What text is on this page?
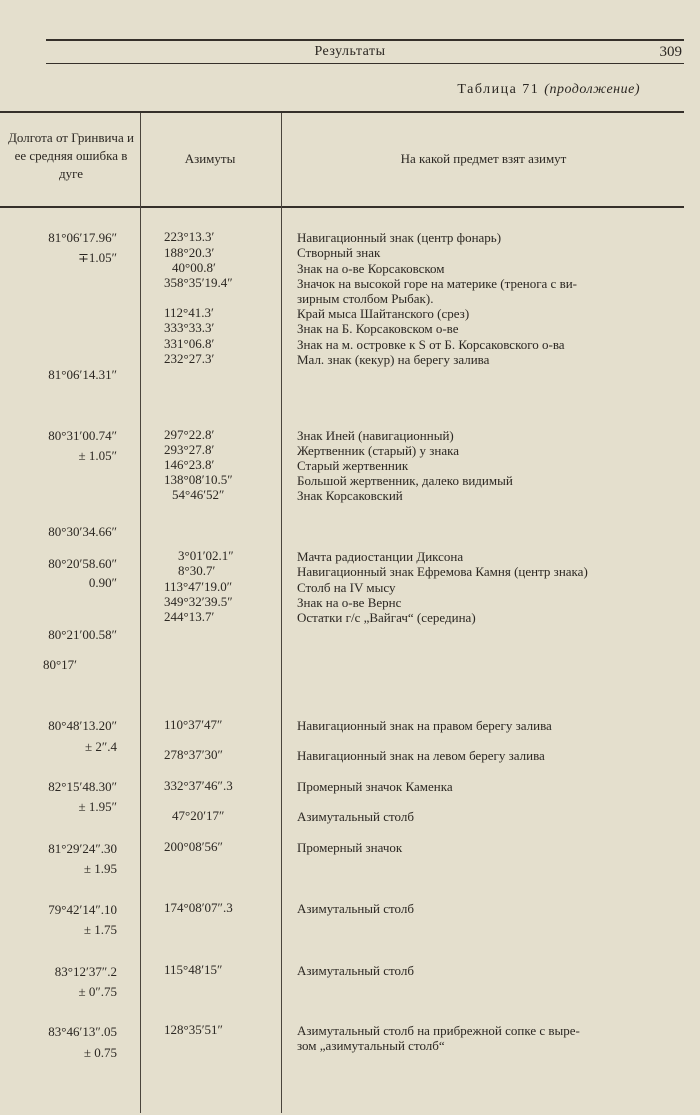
Результаты	309
Таблица 71 (продолжение)
Долгота от Гринвича и ее средняя ошибка в дуге
Азимуты	На какой предмет взят азимут
81°06′17.96″
∓1.05″
81°06′14.31″
80°31′00.74″
± 1.05″
80°30′34.66″
80°20′58.60″
0.90″
80°21′00.58″
80°17′
80°48′13.20″
± 2″.4
82°15′48.30″
± 1.95″
81°29′24″.30
± 1.95
79°42′14″.10
± 1.75
83°12′37″.2
± 0″.75
83°46′13″.05
± 0.75
223°13.3′
188°20.3′
40°00.8′
358°35′19.4″
112°41.3′
333°33.3′
331°06.8′
232°27.3′
297°22.8′
293°27.8′
146°23.8′
138°08′10.5″
54°46′52″
3°01′02.1″
8°30.7′
113°47′19.0″
349°32′39.5″
244°13.7′
110°37′47″
278°37′30″
332°37′46″.3
47°20′17″
200°08′56″
174°08′07″.3
115°48′15″
128°35′51″
Навигационный знак (центр фонарь)
Створный знак
Знак на о-ве Корсаковском
Значок на высокой горе на материке (тренога с ви-
зирным столбом Рыбак).
Край мыса Шайтанского (срез)
Знак на Б. Корсаковском о-ве
Знак на м. островке к S от Б. Корсаковского о-ва
Мал. знак (кекур) на берегу залива
Знак Иней (навигационный)
Жертвенник (старый) у знака
Старый жертвенник
Большой жертвенник, далеко видимый
Знак Корсаковский
Мачта радиостанции Диксона
Навигационный знак Ефремова Камня (центр знака)
Столб на IV мысу
Знак на о-ве Вернс
Остатки г/с „Вайгач“ (середина)
Навигационный знак на правом берегу залива
Навигационный знак на левом берегу залива
Промерный значок Каменка
Азимутальный столб
Промерный значок
Азимутальный столб
Азимутальный столб
Азимутальный столб на прибрежной сопке с выре-
зом „азимутальный столб“
